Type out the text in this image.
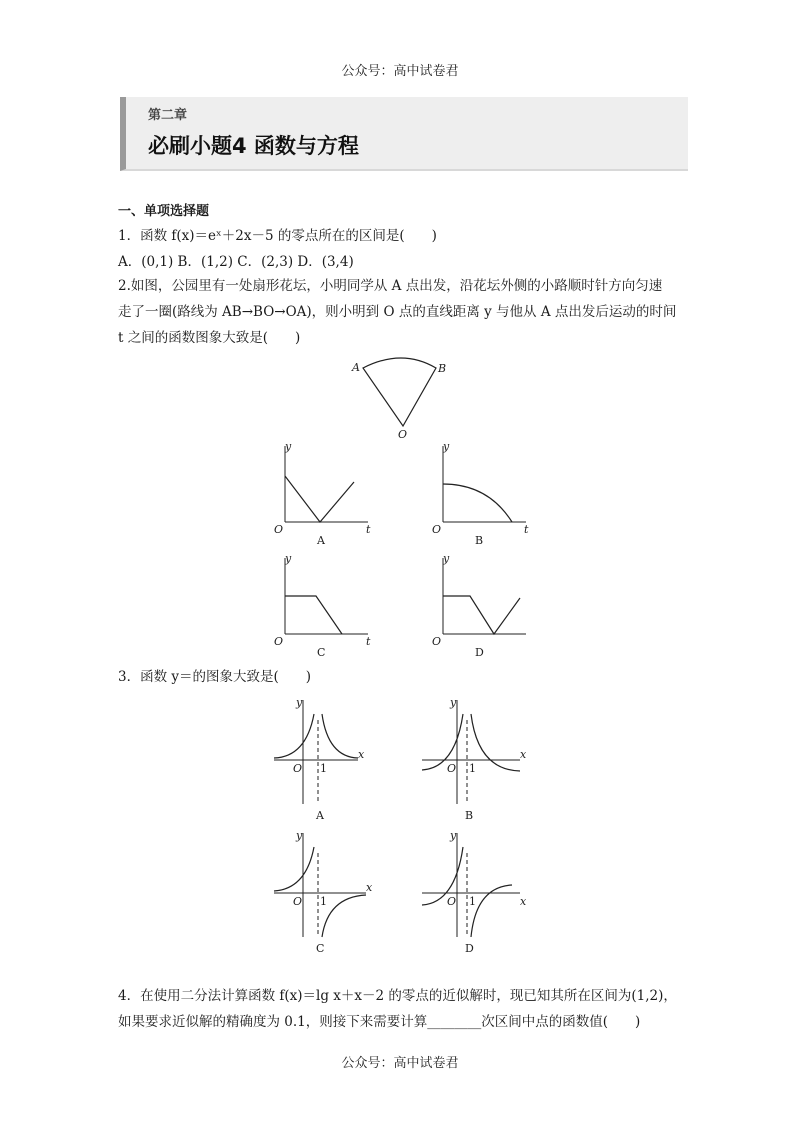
公众号：高中试卷君
第二章
必刷小题4 函数与方程
一、单项选择题
1．函数 f(x)＝eˣ＋2x－5 的零点所在的区间是(　　)
A．(0,1) B．(1,2) C．(2,3) D．(3,4)
2.如图，公园里有一处扇形花坛，小明同学从 A 点出发，沿花坛外侧的小路顺时针方向匀速
走了一圈(路线为 AB→BO→OA)，则小明到 O 点的直线距离 y 与他从 A 点出发后运动的时间
t 之间的函数图象大致是(　　)
A	B
O
y
t
O
A
y
t
O
B
y
t
O
C
y
O
D
3．函数 y＝的图象大致是(　　)
y
x
O 1
A
y
x
O 1
B
y
x
O 1
C
y
x
O 1
D
4．在使用二分法计算函数 f(x)＝lg x＋x－2 的零点的近似解时，现已知其所在区间为(1,2)，
如果要求近似解的精确度为 0.1，则接下来需要计算________次区间中点的函数值(　　)
公众号：高中试卷君
